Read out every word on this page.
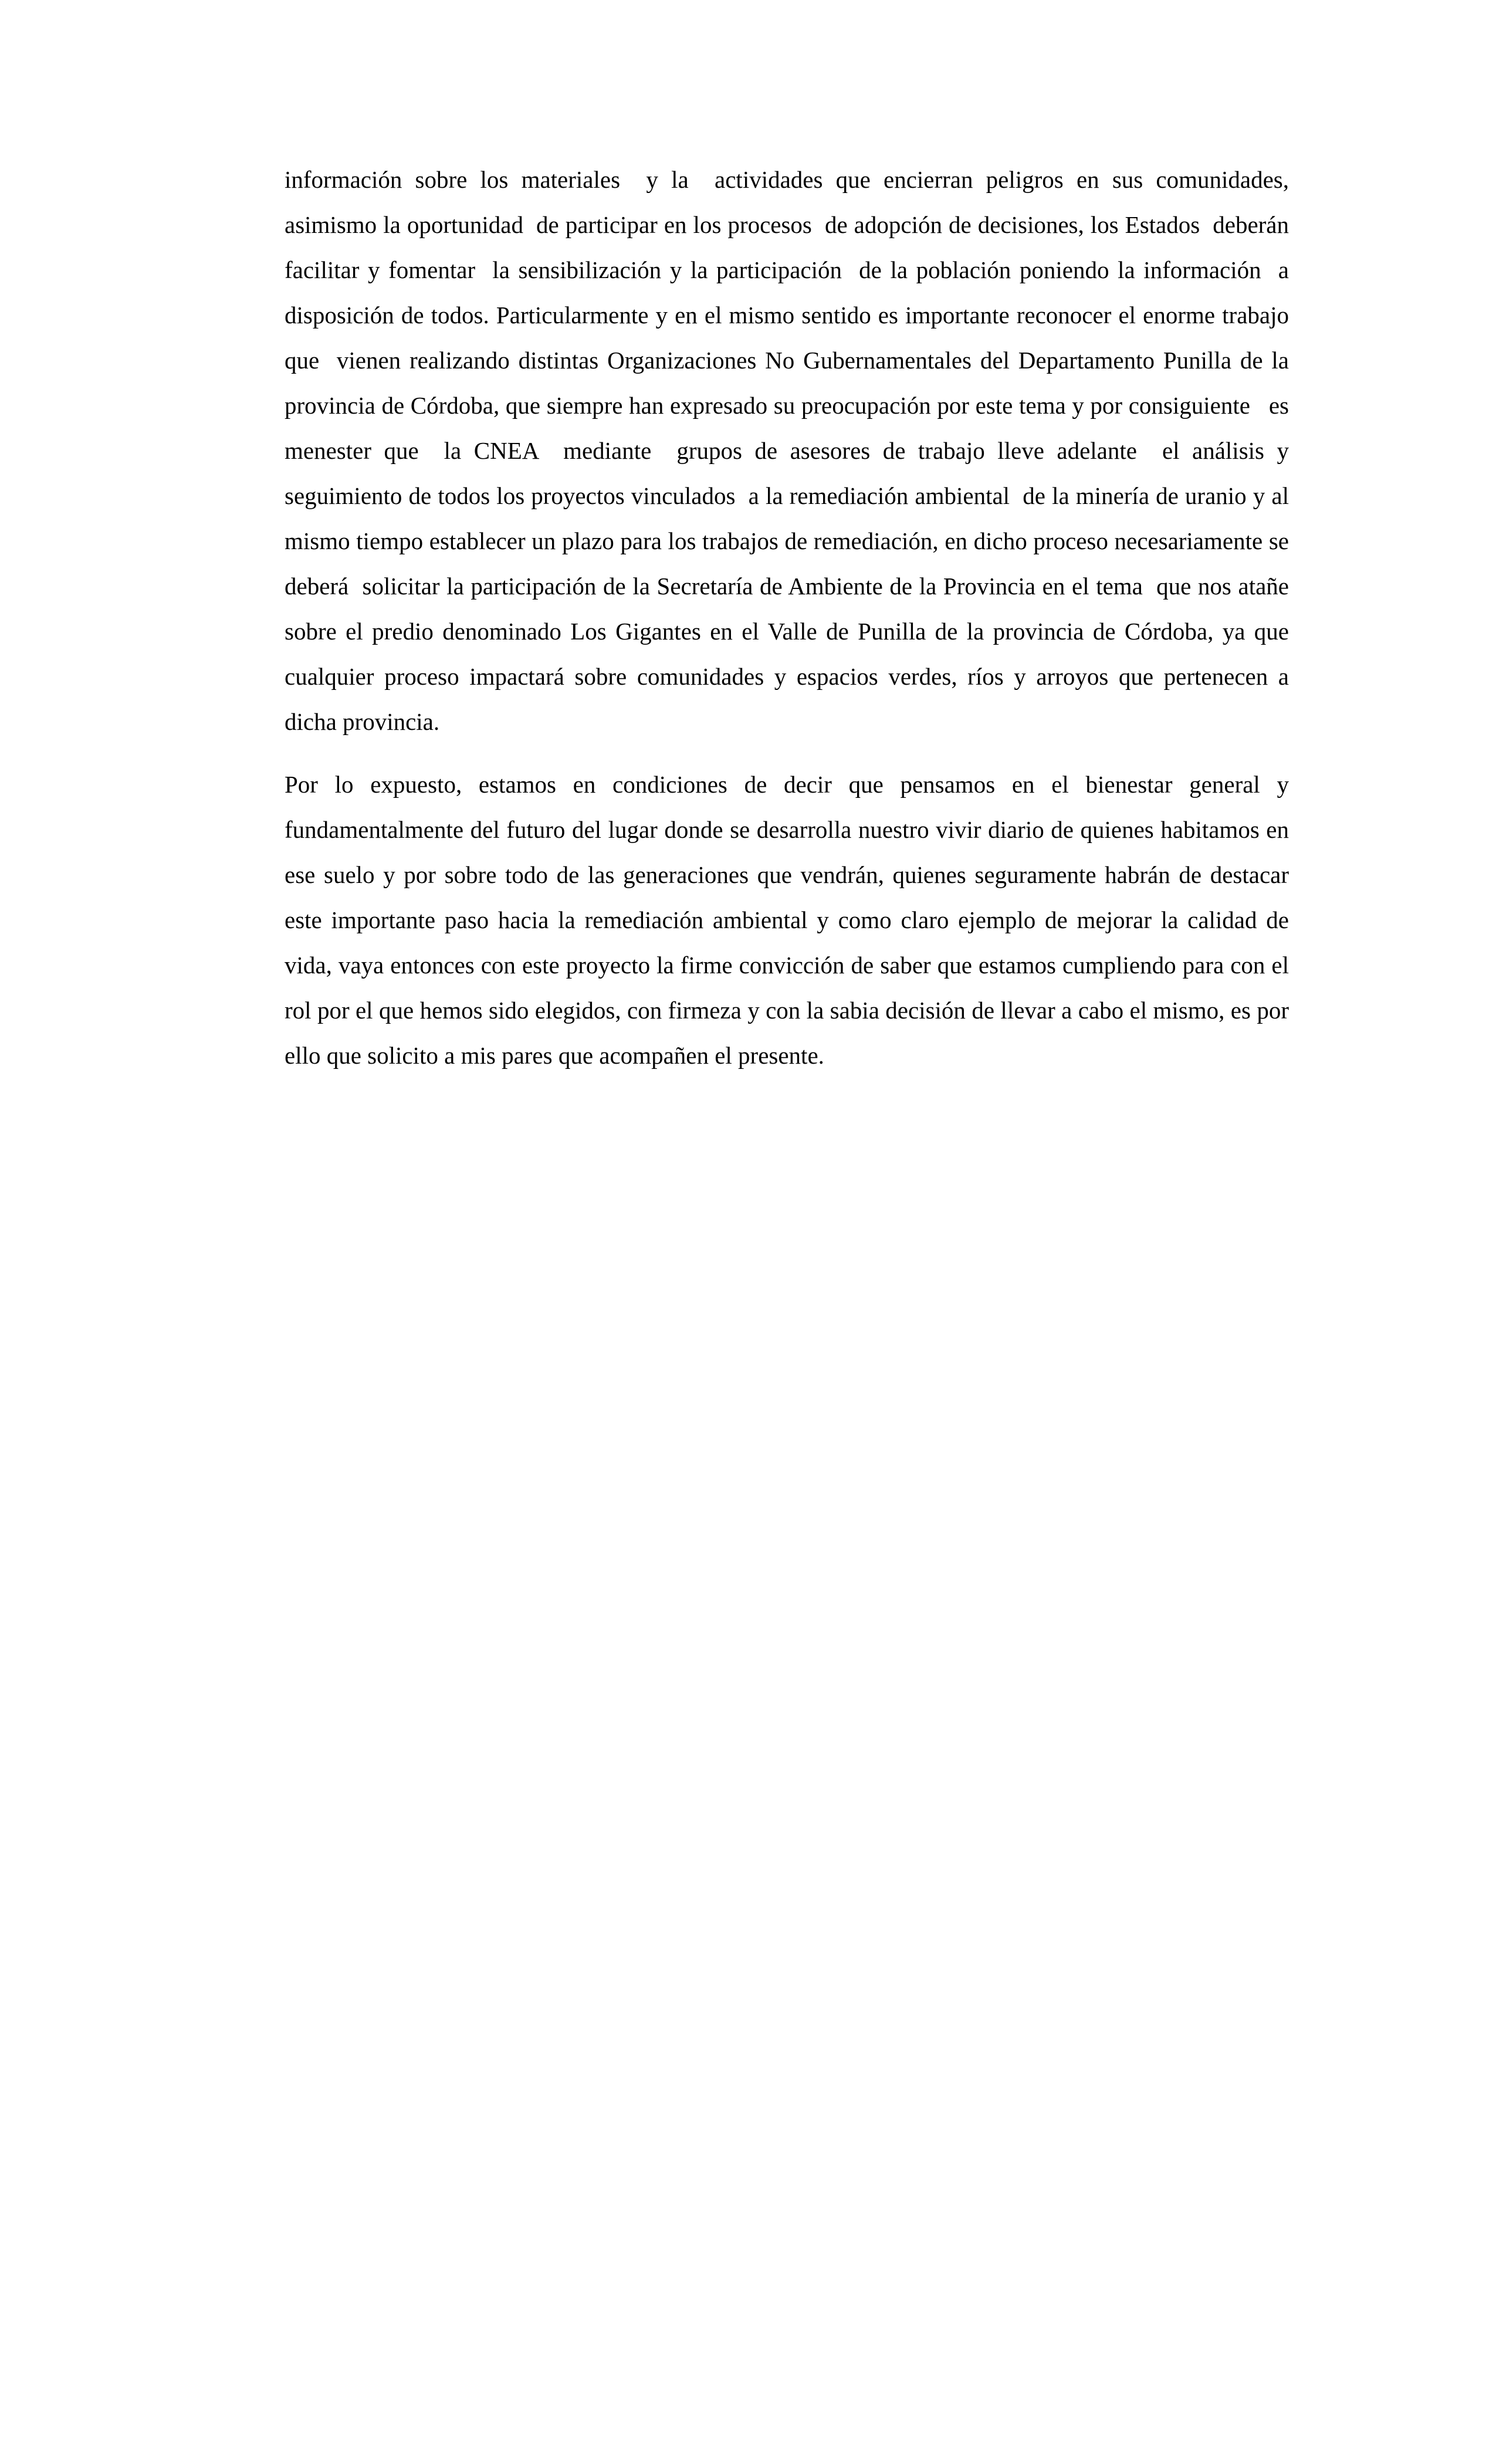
información sobre los materiales  y la  actividades que encierran peligros en sus comunidades, asimismo la oportunidad  de participar en los procesos  de adopción de decisiones, los Estados  deberán facilitar y fomentar  la sensibilización y la participación  de la población poniendo la información  a disposición de todos. Particularmente y en el mismo sentido es importante reconocer el enorme trabajo que  vienen realizando distintas Organizaciones No Gubernamentales del Departamento Punilla de la provincia de Córdoba, que siempre han expresado su preocupación por este tema y por consiguiente   es menester que  la CNEA  mediante  grupos de asesores de trabajo lleve adelante  el análisis y seguimiento de todos los proyectos vinculados  a la remediación ambiental  de la minería de uranio y al mismo tiempo establecer un plazo para los trabajos de remediación, en dicho proceso necesariamente se deberá  solicitar la participación de la Secretaría de Ambiente de la Provincia en el tema  que nos atañe sobre el predio denominado Los Gigantes en el Valle de Punilla de la provincia de Córdoba, ya que cualquier proceso impactará sobre comunidades y espacios verdes, ríos y arroyos que pertenecen a dicha provincia.

Por lo expuesto, estamos en condiciones de decir que pensamos en el bienestar general y fundamentalmente del futuro del lugar donde se desarrolla nuestro vivir diario de quienes habitamos en ese suelo y por sobre todo de las generaciones que vendrán, quienes seguramente habrán de destacar este importante paso hacia la remediación ambiental y como claro ejemplo de mejorar la calidad de vida, vaya entonces con este proyecto la firme convicción de saber que estamos cumpliendo para con el rol por el que hemos sido elegidos, con firmeza y con la sabia decisión de llevar a cabo el mismo, es por ello que solicito a mis pares que acompañen el presente.
